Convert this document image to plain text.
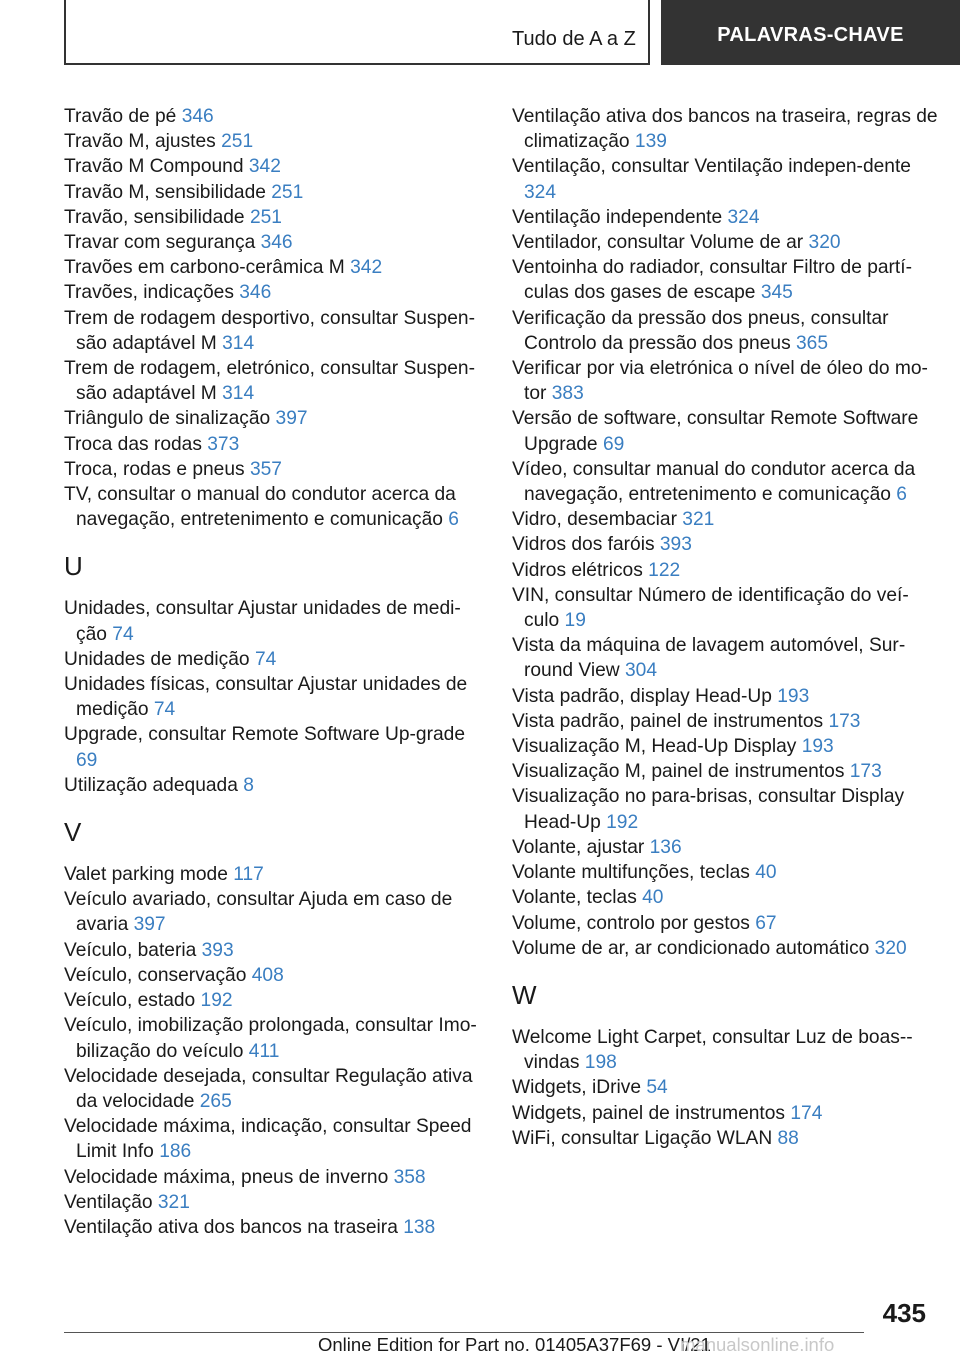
Tudo de A a Z	PALAVRAS-CHAVE

Travão de pé 346

Travão M, ajustes 251

Travão M Compound 342

Travão M, sensibilidade 251

Travão, sensibilidade 251

Travar com segurança 346

Travões em carbono-cerâmica M 342

Travões, indicações 346

Trem de rodagem desportivo, consultar Suspen-são adaptável M 314

Trem de rodagem, eletrónico, consultar Suspen-são adaptável M 314

Triângulo de sinalização 397

Troca das rodas 373

Troca, rodas e pneus 357

TV, consultar o manual do condutor acerca da navegação, entretenimento e comunicação 6

U

Unidades, consultar Ajustar unidades de medi-ção 74

Unidades de medição 74

Unidades físicas, consultar Ajustar unidades de medição 74

Upgrade, consultar Remote Software Up-grade 69

Utilização adequada 8

V

Valet parking mode 117

Veículo avariado, consultar Ajuda em caso de avaria 397

Veículo, bateria 393

Veículo, conservação 408

Veículo, estado 192

Veículo, imobilização prolongada, consultar Imo-bilização do veículo 411

Velocidade desejada, consultar Regulação ativa da velocidade 265

Velocidade máxima, indicação, consultar Speed Limit Info 186

Velocidade máxima, pneus de inverno 358

Ventilação 321

Ventilação ativa dos bancos na traseira 138

Ventilação ativa dos bancos na traseira, regras de climatização 139

Ventilação, consultar Ventilação indepen-dente 324

Ventilação independente 324

Ventilador, consultar Volume de ar 320

Ventoinha do radiador, consultar Filtro de partí-culas dos gases de escape 345

Verificação da pressão dos pneus, consultar Controlo da pressão dos pneus 365

Verificar por via eletrónica o nível de óleo do mo-tor 383

Versão de software, consultar Remote Software Upgrade 69

Vídeo, consultar manual do condutor acerca da navegação, entretenimento e comunicação 6

Vidro, desembaciar 321

Vidros dos faróis 393

Vidros elétricos 122

VIN, consultar Número de identificação do veí-culo 19

Vista da máquina de lavagem automóvel, Sur-round View 304

Vista padrão, display Head-Up 193

Vista padrão, painel de instrumentos 173

Visualização M, Head-Up Display 193

Visualização M, painel de instrumentos 173

Visualização no para-brisas, consultar Display Head-Up 192

Volante, ajustar 136

Volante multifunções, teclas 40

Volante, teclas 40

Volume, controlo por gestos 67

Volume de ar, ar condicionado automático 320

W

Welcome Light Carpet, consultar Luz de boas--vindas 198

Widgets, iDrive 54

Widgets, painel de instrumentos 174

WiFi, consultar Ligação WLAN 88

435
Online Edition for Part no. 01405A37F69 - VI/21
manualsonline.info
